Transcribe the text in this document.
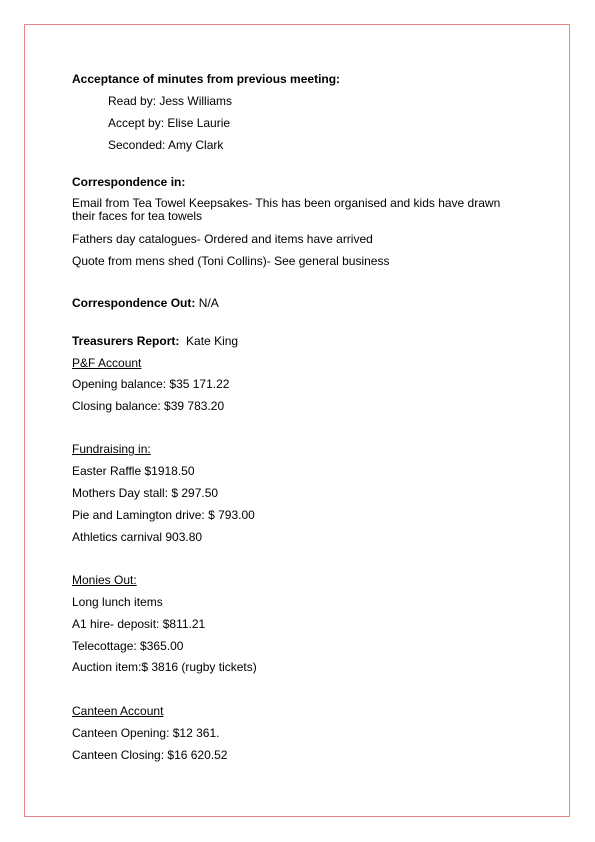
Acceptance of minutes from previous meeting:
Read by: Jess Williams
Accept by: Elise Laurie
Seconded: Amy Clark
Correspondence in:
Email from Tea Towel Keepsakes- This has been organised and kids have drawn their faces for tea towels
Fathers day catalogues- Ordered and items have arrived
Quote from mens shed (Toni Collins)- See general business
Correspondence Out: N/A
Treasurers Report:  Kate King
P&F Account
Opening balance: $35 171.22
Closing balance: $39 783.20
Fundraising in:
Easter Raffle $1918.50
Mothers Day stall: $ 297.50
Pie and Lamington drive: $ 793.00
Athletics carnival 903.80
Monies Out:
Long lunch items
A1 hire- deposit: $811.21
Telecottage: $365.00
Auction item:$ 3816 (rugby tickets)
Canteen Account
Canteen Opening: $12 361.
Canteen Closing: $16 620.52
